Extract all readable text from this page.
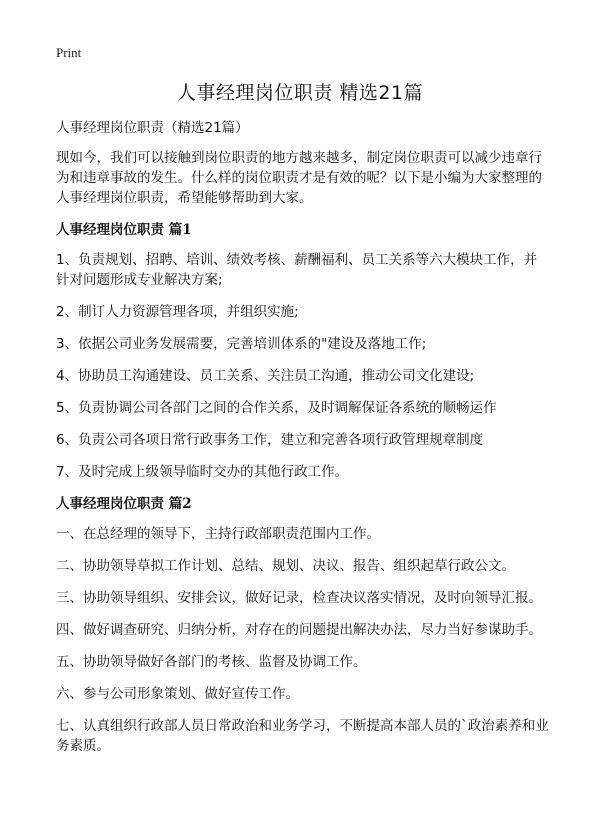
Print
人事经理岗位职责 精选21篇

人事经理岗位职责（精选21篇）

现如今，我们可以接触到岗位职责的地方越来越多，制定岗位职责可以减少违章行为和违章事故的发生。什么样的岗位职责才是有效的呢？以下是小编为大家整理的人事经理岗位职责，希望能够帮助到大家。

人事经理岗位职责 篇1

1、负责规划、招聘、培训、绩效考核、薪酬福利、员工关系等六大模块工作，并针对问题形成专业解决方案;

2、制订人力资源管理各项，并组织实施;

3、依据公司业务发展需要，完善培训体系的"建设及落地工作;

4、协助员工沟通建设、员工关系、关注员工沟通，推动公司文化建设;

5、负责协调公司各部门之间的合作关系，及时调解保证各系统的顺畅运作

6、负责公司各项日常行政事务工作，建立和完善各项行政管理规章制度

7、及时完成上级领导临时交办的其他行政工作。

人事经理岗位职责 篇2

一、在总经理的领导下，主持行政部职责范围内工作。

二、协助领导草拟工作计划、总结、规划、决议、报告、组织起草行政公文。

三、协助领导组织、安排会议，做好记录，检查决议落实情况，及时向领导汇报。

四、做好调查研究、归纳分析，对存在的问题提出解决办法，尽力当好参谋助手。

五、协助领导做好各部门的考核、监督及协调工作。

六、参与公司形象策划、做好宣传工作。

七、认真组织行政部人员日常政治和业务学习，不断提高本部人员的`政治素养和业务素质。
